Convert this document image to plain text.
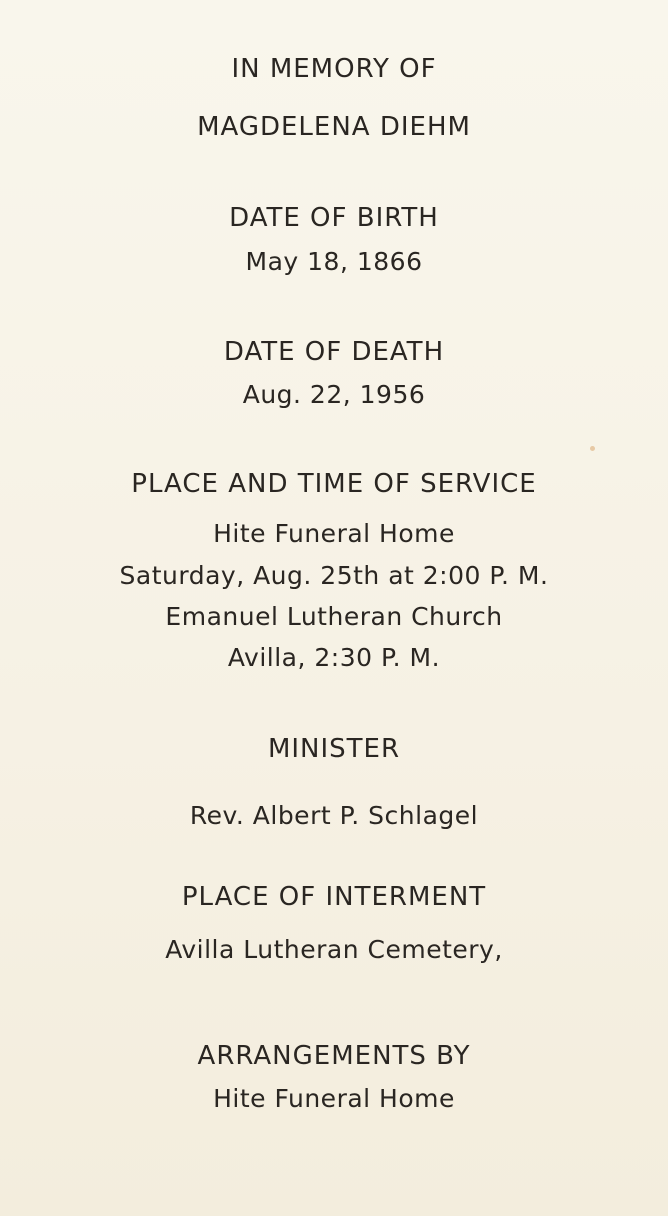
IN MEMORY OF
MAGDELENA DIEHM
DATE OF BIRTH
May 18, 1866
DATE OF DEATH
Aug. 22, 1956
PLACE AND TIME OF SERVICE
Hite Funeral Home
Saturday, Aug. 25th at 2:00 P. M.
Emanuel Lutheran Church
Avilla, 2:30 P. M.
MINISTER
Rev. Albert P. Schlagel
PLACE OF INTERMENT
Avilla Lutheran Cemetery,
ARRANGEMENTS BY
Hite Funeral Home
